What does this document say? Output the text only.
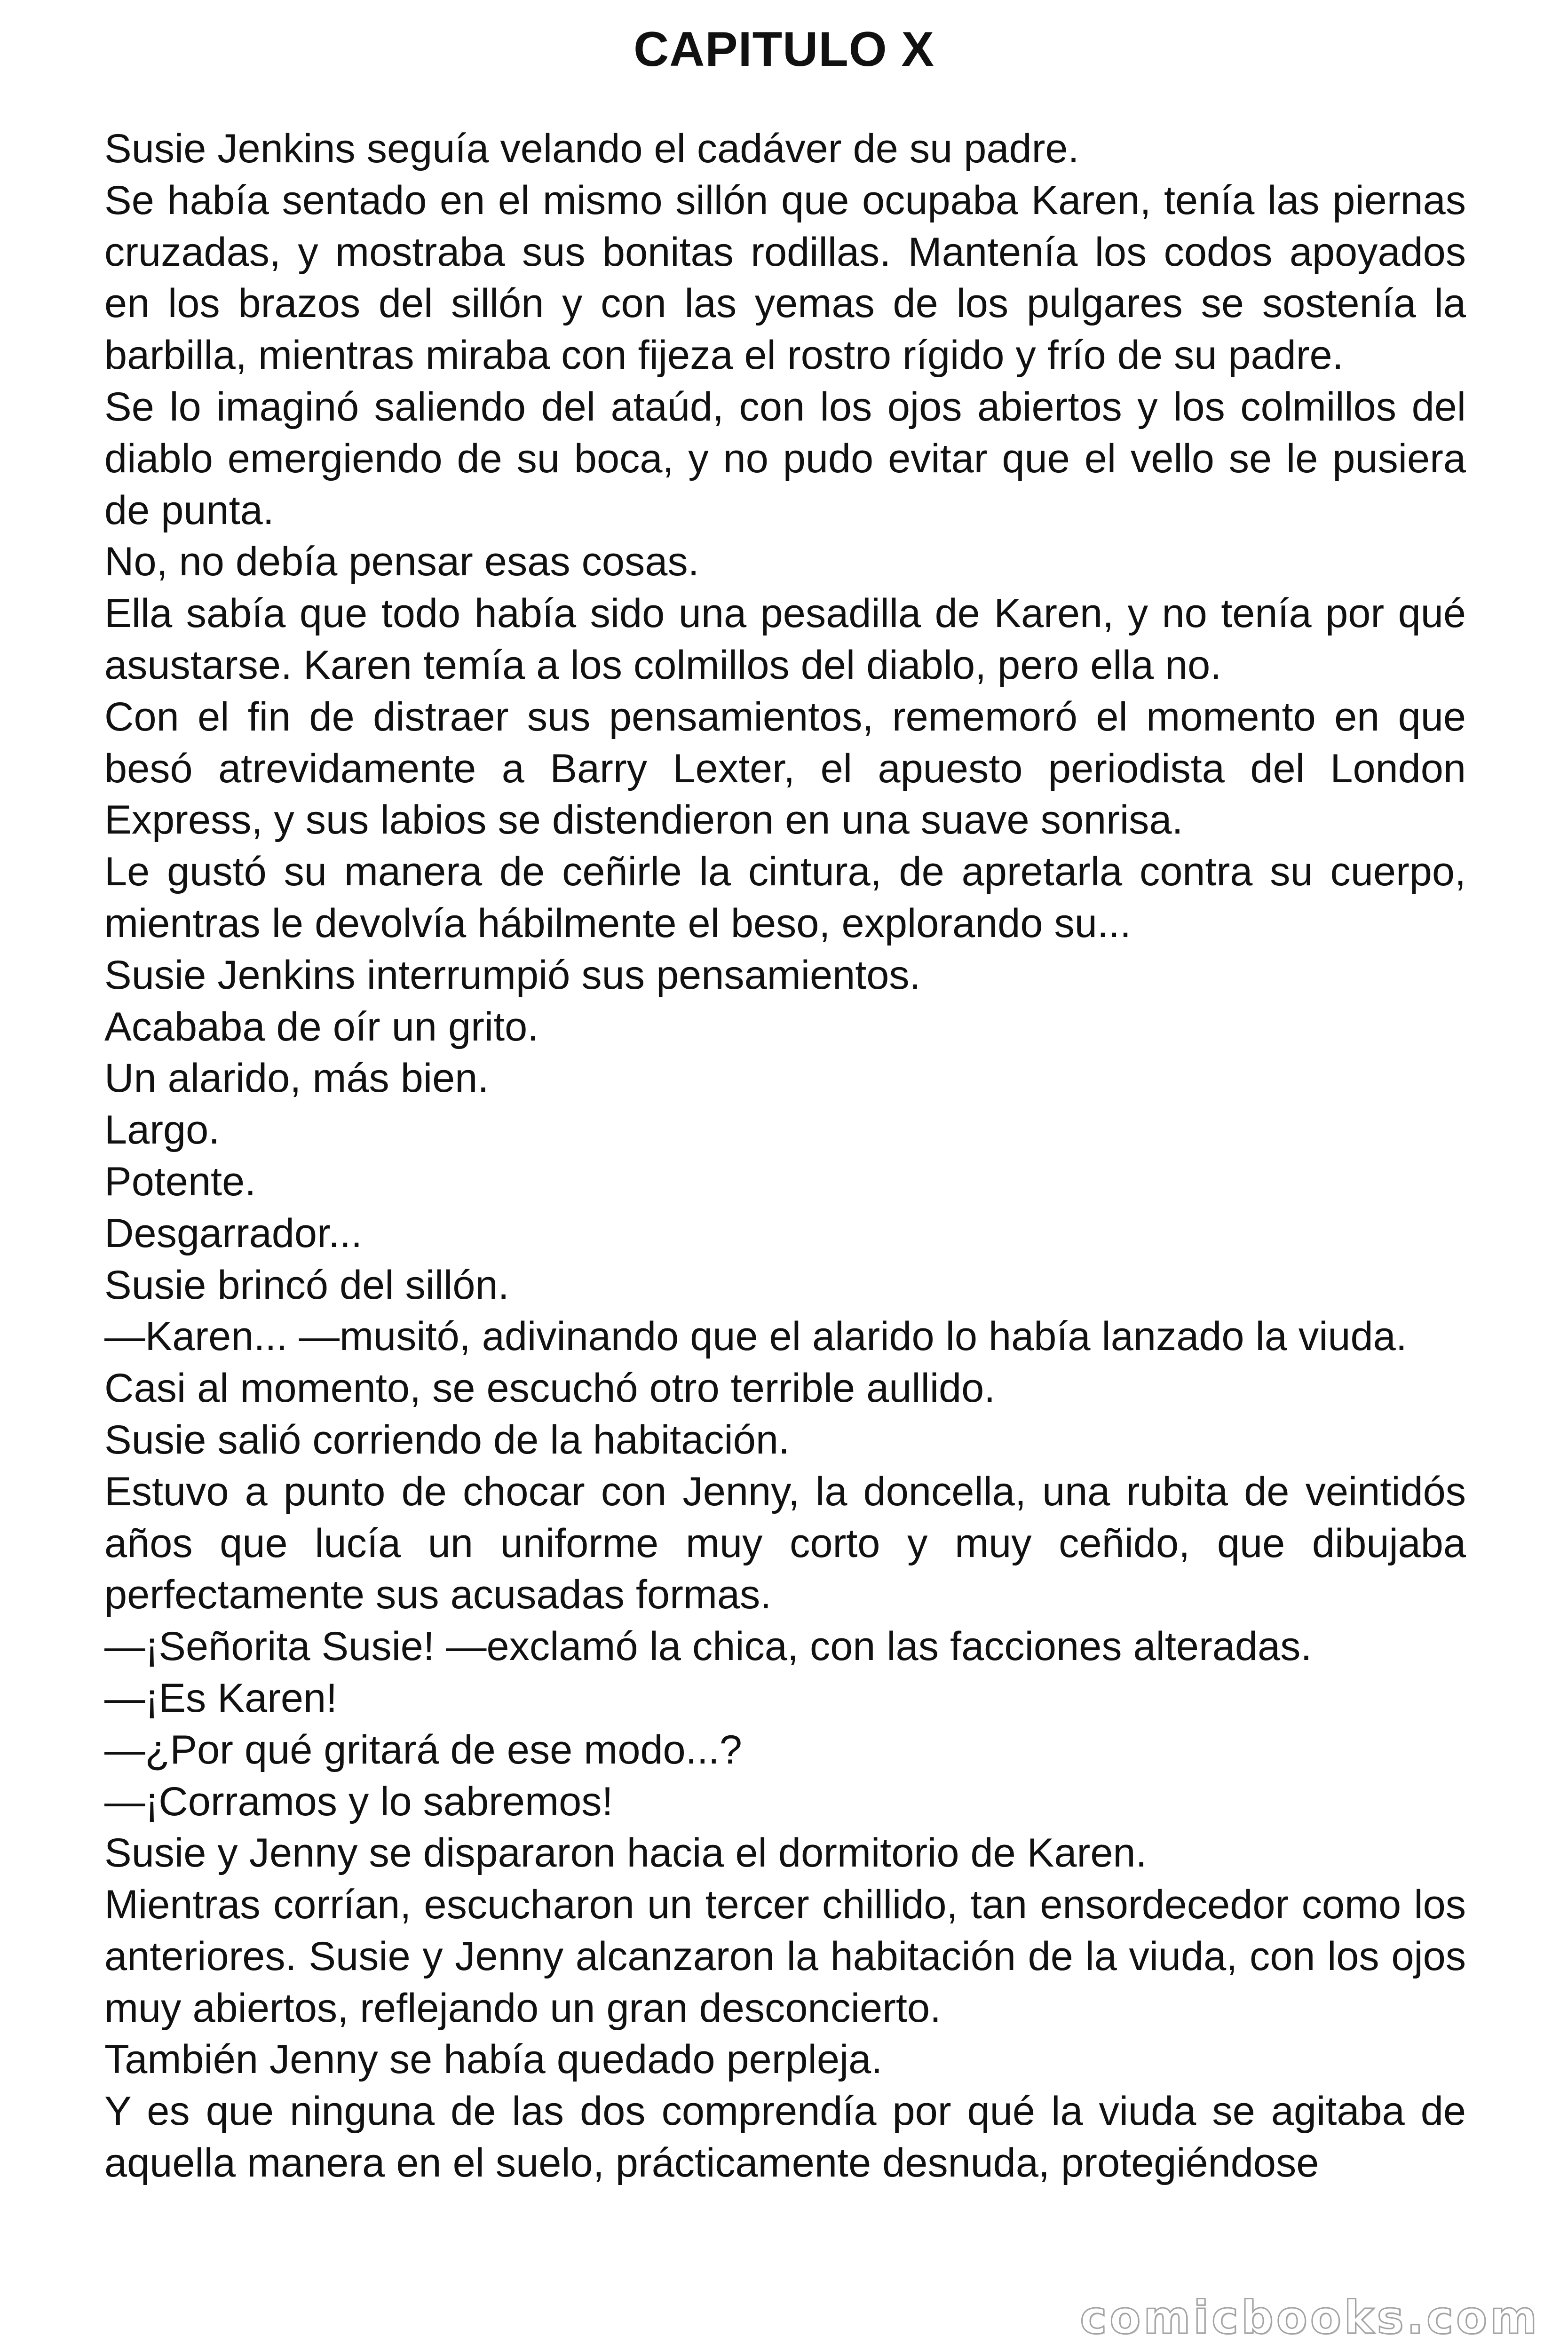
CAPITULO X

Susie Jenkins seguía velando el cadáver de su padre.

Se había sentado en el mismo sillón que ocupaba Karen, tenía las piernas cruzadas, y mostraba sus bonitas rodillas. Mantenía los codos apoyados en los brazos del sillón y con las yemas de los pulgares se sostenía la barbilla, mientras miraba con fijeza el rostro rígido y frío de su padre.

Se lo imaginó saliendo del ataúd, con los ojos abiertos y los colmillos del diablo emergiendo de su boca, y no pudo evitar que el vello se le pusiera de punta.

No, no debía pensar esas cosas.

Ella sabía que todo había sido una pesadilla de Karen, y no tenía por qué asustarse. Karen temía a los colmillos del diablo, pero ella no.

Con el fin de distraer sus pensamientos, rememoró el momento en que besó atrevidamente a Barry Lexter, el apuesto periodista del London Express, y sus labios se distendieron en una suave sonrisa.

Le gustó su manera de ceñirle la cintura, de apretarla contra su cuerpo, mientras le devolvía hábilmente el beso, explorando su...

Susie Jenkins interrumpió sus pensamientos.

Acababa de oír un grito.

Un alarido, más bien.

Largo.

Potente.

Desgarrador...

Susie brincó del sillón.

—Karen... —musitó, adivinando que el alarido lo había lanzado la viuda.

Casi al momento, se escuchó otro terrible aullido.

Susie salió corriendo de la habitación.

Estuvo a punto de chocar con Jenny, la doncella, una rubita de veintidós años que lucía un uniforme muy corto y muy ceñido, que dibujaba perfectamente sus acusadas formas.

—¡Señorita Susie! —exclamó la chica, con las facciones alteradas.

—¡Es Karen!

—¿Por qué gritará de ese modo...?

—¡Corramos y lo sabremos!

Susie y Jenny se dispararon hacia el dormitorio de Karen.

Mientras corrían, escucharon un tercer chillido, tan ensordecedor como los anteriores. Susie y Jenny alcanzaron la habitación de la viuda, con los ojos muy abiertos, reflejando un gran desconcierto.

También Jenny se había quedado perpleja.

Y es que ninguna de las dos comprendía por qué la viuda se agitaba de aquella manera en el suelo, prácticamente desnuda, protegiéndose

comicbooks.com
